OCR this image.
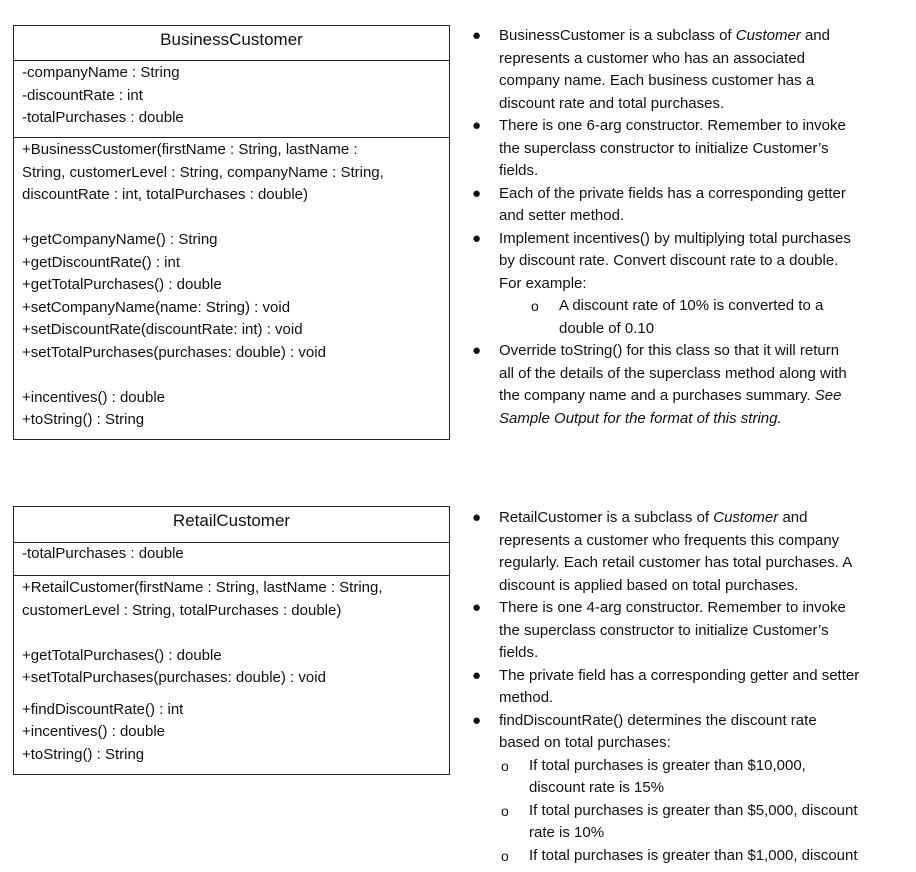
BusinessCustomer
-companyName : String
-discountRate : int
-totalPurchases : double
+BusinessCustomer(firstName : String, lastName :
String, customerLevel : String, companyName : String,
discountRate : int, totalPurchases : double)
+getCompanyName() : String
+getDiscountRate() : int
+getTotalPurchases() : double
+setCompanyName(name: String) : void
+setDiscountRate(discountRate: int) : void
+setTotalPurchases(purchases: double) : void
+incentives() : double
+toString() : String
● BusinessCustomer is a subclass of Customer and
represents a customer who has an associated
company name. Each business customer has a
discount rate and total purchases.
● There is one 6-arg constructor. Remember to invoke
the superclass constructor to initialize Customer’s
fields.
● Each of the private fields has a corresponding getter
and setter method.
● Implement incentives() by multiplying total purchases
by discount rate. Convert discount rate to a double.
For example:
o A discount rate of 10% is converted to a
double of 0.10
● Override toString() for this class so that it will return
all of the details of the superclass method along with
the company name and a purchases summary. See
Sample Output for the format of this string.
RetailCustomer
-totalPurchases : double
+RetailCustomer(firstName : String, lastName : String,
customerLevel : String, totalPurchases : double)
+getTotalPurchases() : double
+setTotalPurchases(purchases: double) : void
+findDiscountRate() : int
+incentives() : double
+toString() : String
● RetailCustomer is a subclass of Customer and
represents a customer who frequents this company
regularly. Each retail customer has total purchases. A
discount is applied based on total purchases.
● There is one 4-arg constructor. Remember to invoke
the superclass constructor to initialize Customer’s
fields.
● The private field has a corresponding getter and setter
method.
● findDiscountRate() determines the discount rate
based on total purchases:
o If total purchases is greater than $10,000,
discount rate is 15%
o If total purchases is greater than $5,000, discount
rate is 10%
o If total purchases is greater than $1,000, discount
